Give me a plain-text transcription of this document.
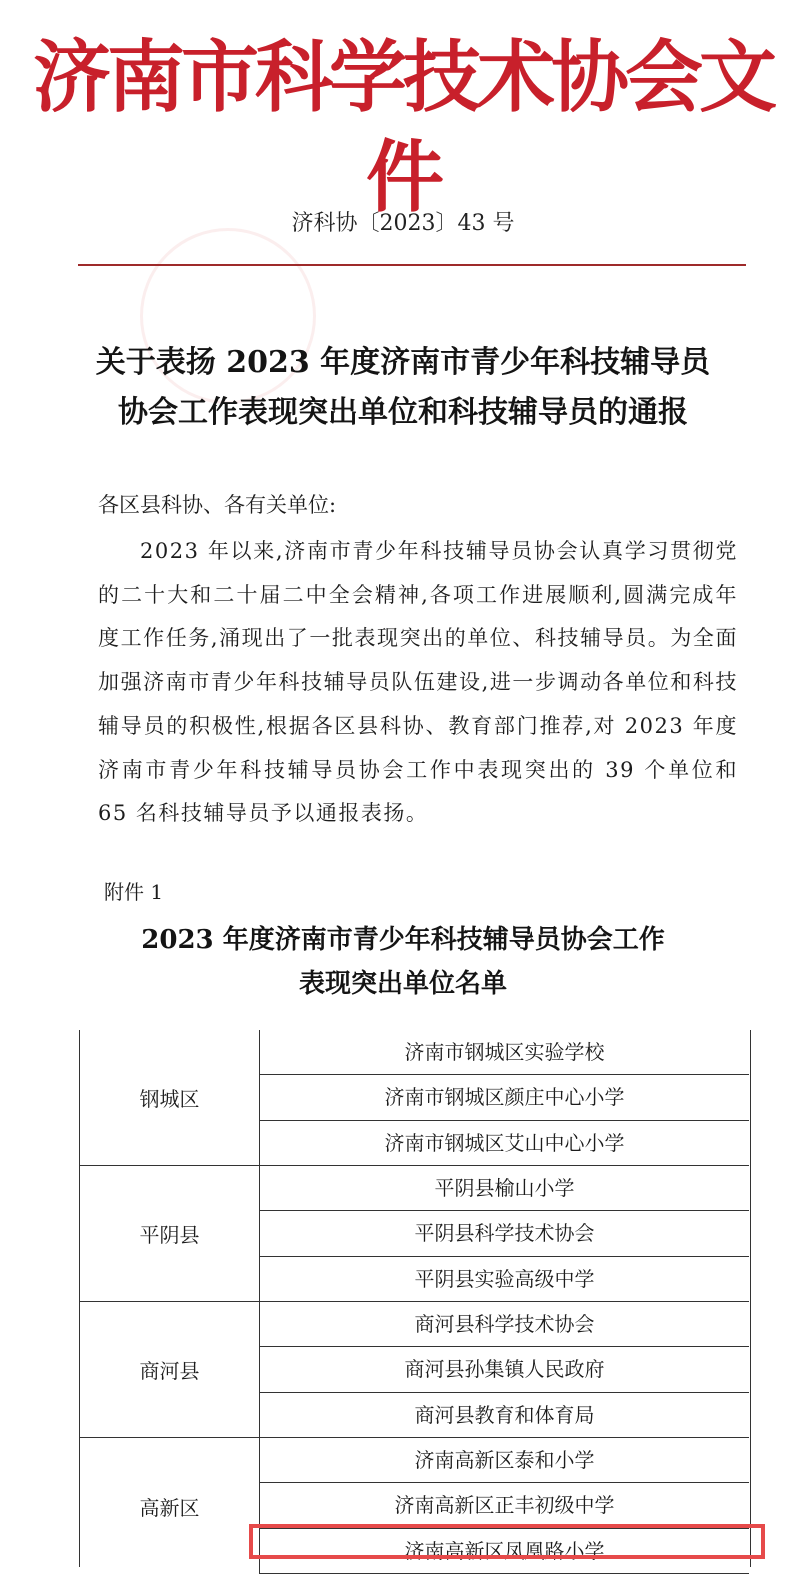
济南市科学技术协会文件
济科协〔2023〕43 号
关于表扬 2023 年度济南市青少年科技辅导员
协会工作表现突出单位和科技辅导员的通报
各区县科协、各有关单位:
2023 年以来,济南市青少年科技辅导员协会认真学习贯彻党的二十大和二十届二中全会精神,各项工作进展顺利,圆满完成年度工作任务,涌现出了一批表现突出的单位、科技辅导员。为全面加强济南市青少年科技辅导员队伍建设,进一步调动各单位和科技辅导员的积极性,根据各区县科协、教育部门推荐,对 2023 年度济南市青少年科技辅导员协会工作中表现突出的 39 个单位和 65 名科技辅导员予以通报表扬。
附件 1
2023 年度济南市青少年科技辅导员协会工作
表现突出单位名单
钢城区
济南市钢城区实验学校
济南市钢城区颜庄中心小学
济南市钢城区艾山中心小学
平阴县
平阴县榆山小学
平阴县科学技术协会
平阴县实验高级中学
商河县
商河县科学技术协会
商河县孙集镇人民政府
商河县教育和体育局
高新区
济南高新区泰和小学
济南高新区正丰初级中学
济南高新区凤凰路小学
